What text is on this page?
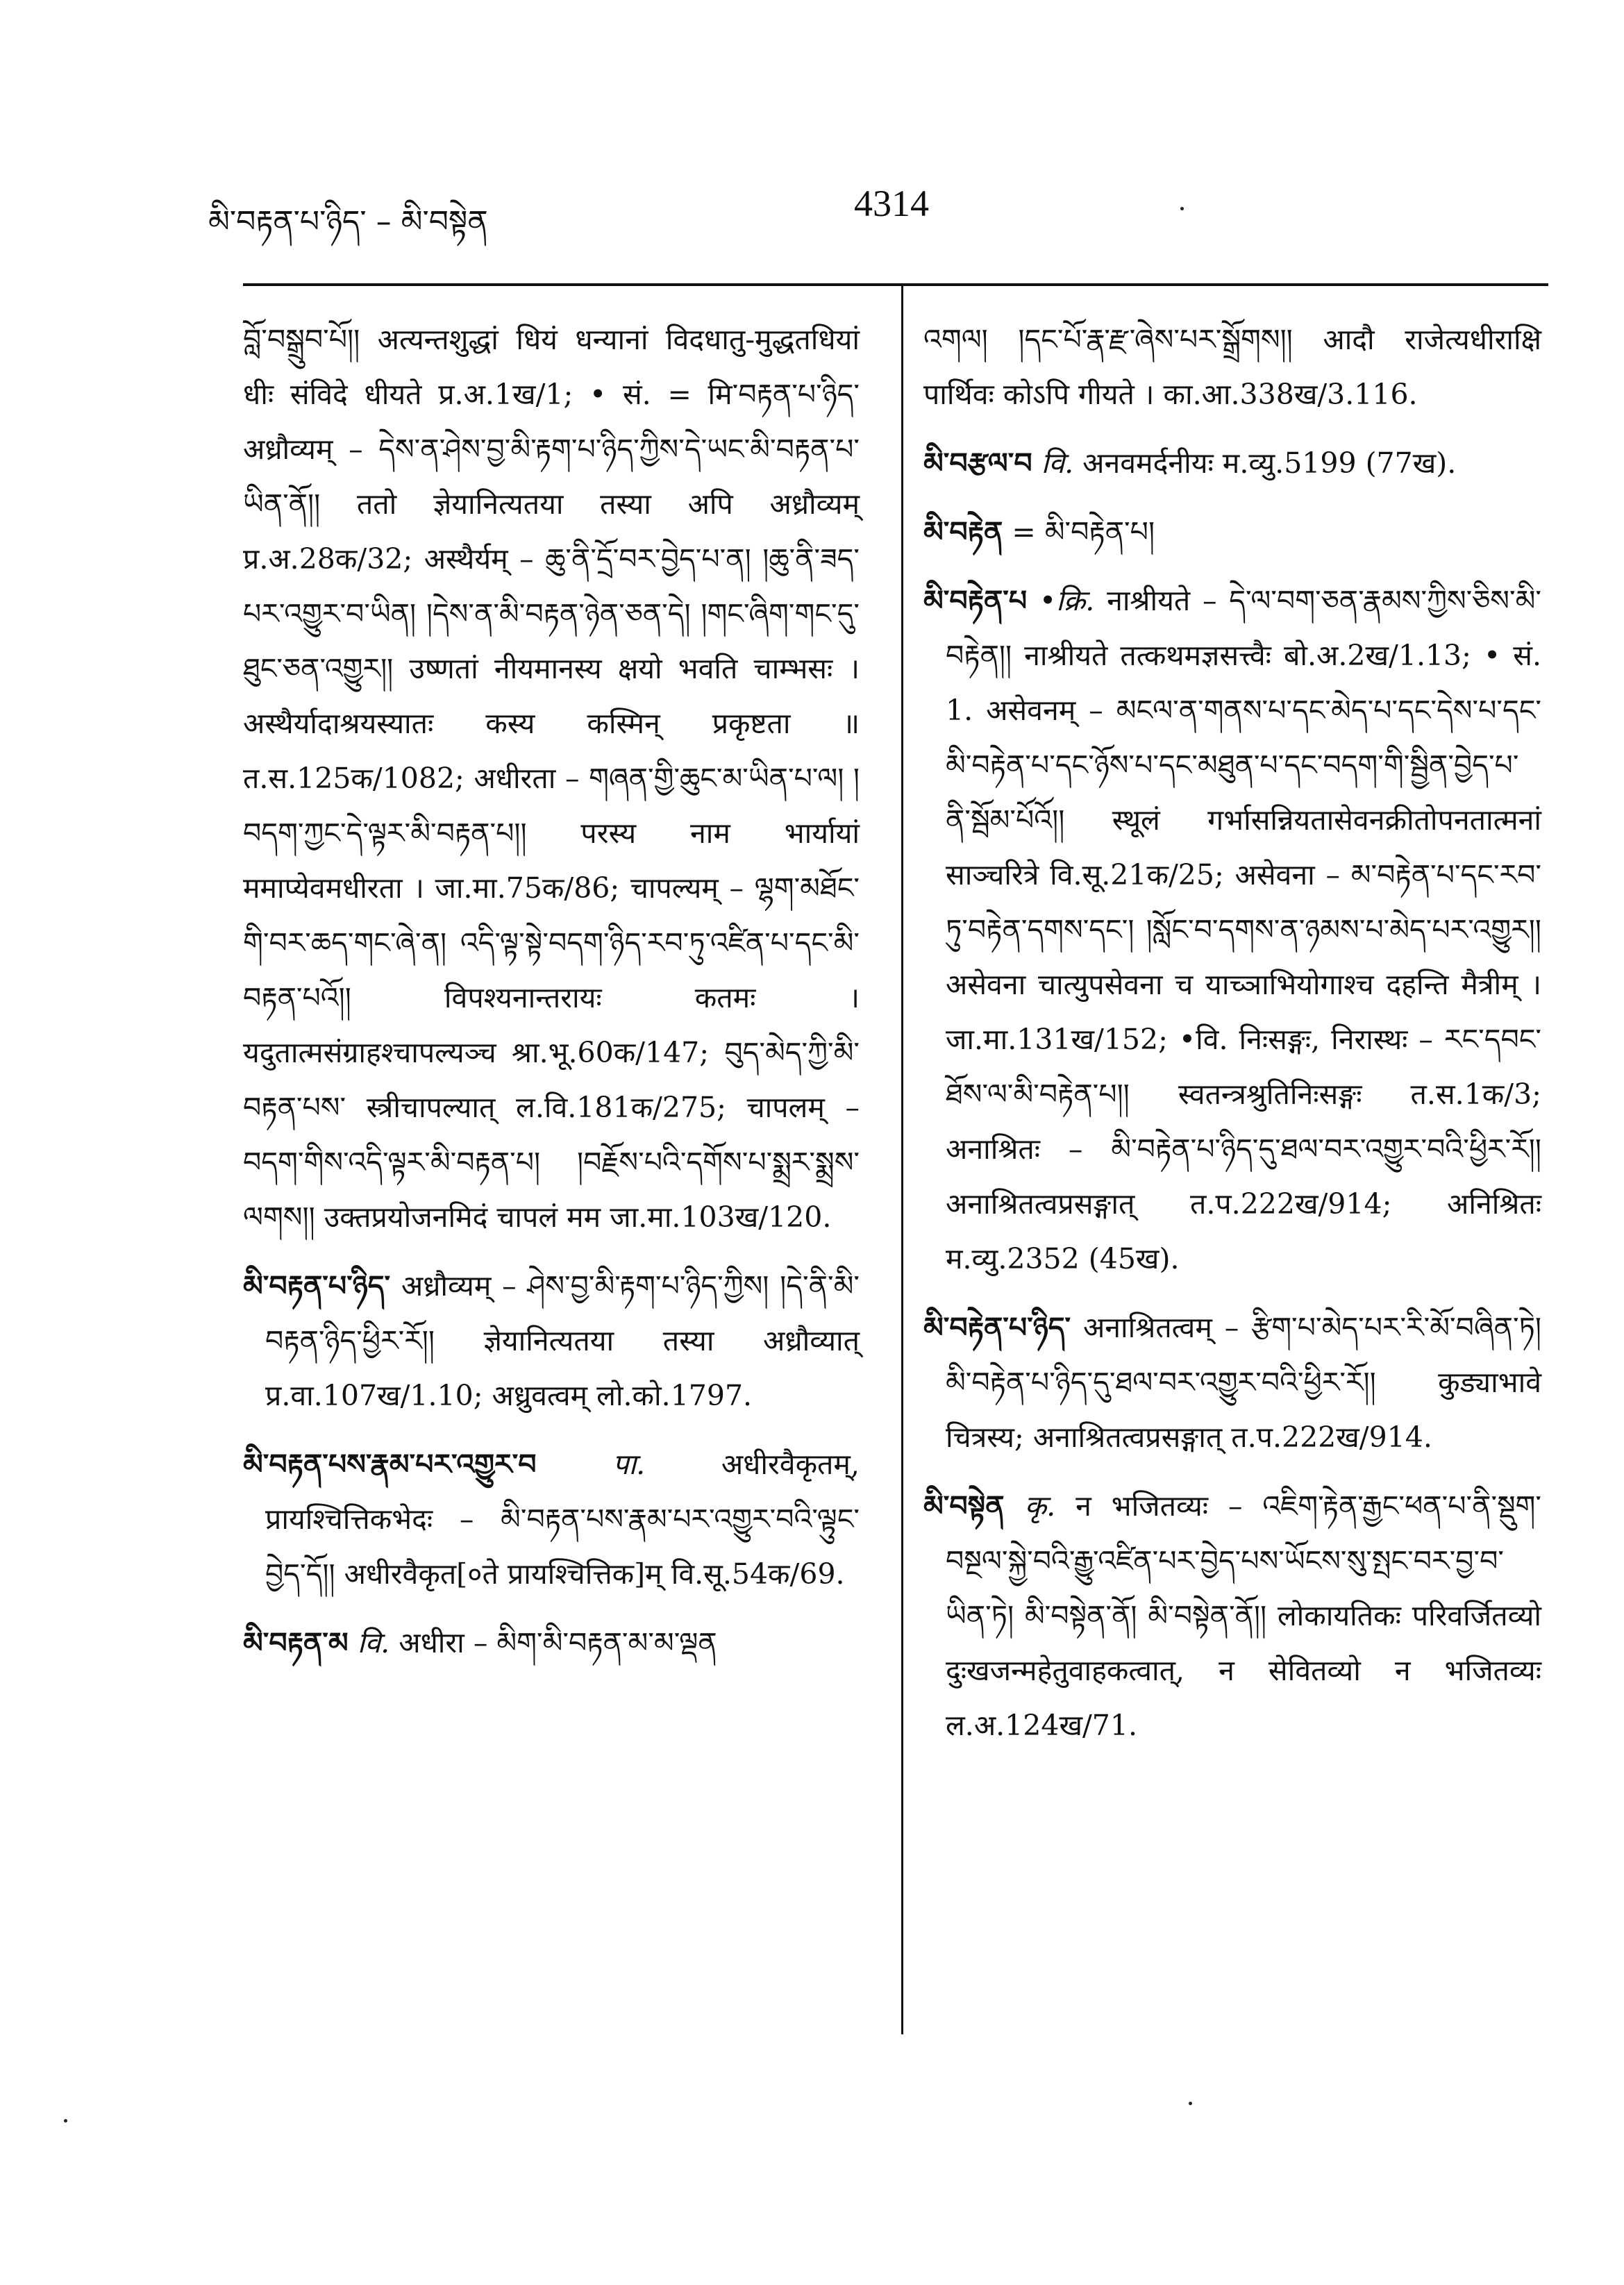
མི་བརྟན་པ་ཉིད་ – མི་བསྟེན	4314

བློ་བསྒྲུབ་པོ།། अत्यन्तशुद्धां धियं धन्यानां विदधातु-मुद्धतधियां धीः संविदे धीयते प्र.अ.1ख/1; • सं. = मि་བརྟན་པ་ཉིད་ अध्रौव्यम् – དེས་ན་ཤེས་བྱ་མི་རྟག་པ་ཉིད་ཀྱིས་དེ་ཡང་མི་བརྟན་པ་ཡིན་ནོ།། ततो ज्ञेयानित्यतया तस्या अपि अध्रौव्यम् प्र.अ.28क/32; अस्थैर्यम् – ཆུ་ནི་དྲོ་བར་བྱེད་པ་ན། །ཆུ་ནི་ཟད་པར་འགྱུར་བ་ཡིན། །དེས་ན་མི་བརྟན་ཉེན་ཅན་དེ། །གང་ཞིག་གང་དུ་ཐུང་ཅན་འགྱུར།། उष्णतां नीयमानस्य क्षयो भवति चाम्भसः । अस्थैर्यादाश्रयस्यातः कस्य कस्मिन् प्रकृष्टता ॥ त.स.125क/1082; अधीरता – གཞན་གྱི་ཆུང་མ་ཡིན་པ་ལ། །བདག་ཀྱང་དེ་ལྟར་མི་བརྟན་པ།། परस्य नाम भार्यायां ममाप्येवमधीरता । जा.मा.75क/86; चापल्यम् – ལྷག་མཐོང་གི་བར་ཆད་གང་ཞེ་ན། འདི་ལྟ་སྟེ་བདག་ཉིད་རབ་ཏུ་འཛིན་པ་དང་མི་བརྟན་པའོ།། विपश्यनान्तरायः कतमः । यदुतात्मसंग्राहश्चापल्यञ्च श्रा.भू.60क/147; བུད་མེད་ཀྱི་མི་བརྟན་པས་ स्त्रीचापल्यात् ल.वि.181क/275; चापलम् – བདག་གིས་འདི་ལྟར་མི་བརྟན་པ། །བརྗོས་པའི་དགོས་པ་སྨྲར་སྨྲས་ལགས།། उक्तप्रयोजनमिदं चापलं मम जा.मा.103ख/120.

མི་བརྟན་པ་ཉིད་ अध्रौव्यम् – ཤེས་བྱ་མི་རྟག་པ་ཉིད་ཀྱིས། །དེ་ནི་མི་བརྟན་ཉིད་ཕྱིར་རོ།། ज्ञेयानित्यतया तस्या अध्रौव्यात् प्र.वा.107ख/1.10; अध्रुवत्वम् लो.को.1797.

མི་བརྟན་པས་རྣམ་པར་འགྱུར་བ	पा.	अधीरवैकृतम्, प्रायश्चित्तिकभेदः – མི་བརྟན་པས་རྣམ་པར་འགྱུར་བའི་ལྟུང་བྱེད་དོ།། अधीरवैकृत[०ते प्रायश्चित्तिक]म् वि.सू.54क/69.

མི་བརྟན་མ वि. अधीरा – མིག་མི་བརྟན་མ་མ་ལྡན

འགལ། །དང་པོ་རྣ་རྫ་ཞེས་པར་སྒྲོགས།། आदौ राजेत्यधीराक्षि पार्थिवः कोऽपि गीयते । का.आ.338ख/3.116.

མི་བརྩལ་བ वि. अनवमर्दनीयः म.व्यु.5199 (77ख).

མི་བརྟེན = མི་བརྟེན་པ།

མི་བརྟེན་པ •क्रि. नाश्रीयते – དེ་ལ་བག་ཅན་རྣམས་ཀྱིས་ཅིས་མི་བརྟེན།། नाश्रीयते तत्कथमज्ञसत्त्वैः बो.अ.2ख/1.13; • सं. 1. असेवनम् – མངལ་ན་གནས་པ་དང་མེད་པ་དང་དེས་པ་དང་མི་བརྟེན་པ་དང་ཉོས་པ་དང་མཐུན་པ་དང་བདག་གི་སྦྱིན་བྱེད་པ་ནི་སྦོམ་པོའོ།། स्थूलं गर्भासन्नियतासेवनक्रीतोपनतात्मनां साञ्चरित्रे वि.सू.21क/25; असेवना – མ་བརྟེན་པ་དང་རབ་ཏུ་བརྟེན་དགས་དང་། །སློང་བ་དགས་ན་ཉམས་པ་མེད་པར་འགྱུར།། असेवना चात्युपसेवना च याच्ञाभियोगाश्च दहन्ति मैत्रीम् । जा.मा.131ख/152; •वि. निःसङ्गः, निरास्थः – རང་དབང་ཐོས་ལ་མི་བརྟེན་པ།། स्वतन्त्रश्रुतिनिःसङ्गः त.स.1क/3; अनाश्रितः – མི་བརྟེན་པ་ཉིད་དུ་ཐལ་བར་འགྱུར་བའི་ཕྱིར་རོ།། अनाश्रितत्वप्रसङ्गात् त.प.222ख/914; अनिश्रितः म.व्यु.2352 (45ख).

མི་བརྟེན་པ་ཉིད་ अनाश्रितत्वम् – རྩིག་པ་མེད་པར་རི་མོ་བཞིན་ཏེ། མི་བརྟེན་པ་ཉིད་དུ་ཐལ་བར་འགྱུར་བའི་ཕྱིར་རོ།། कुड्याभावे चित्रस्य; अनाश्रितत्वप्रसङ्गात् त.प.222ख/914.

མི་བསྟེན कृ. न भजितव्यः – འཇིག་རྟེན་རྒྱང་ཕན་པ་ནི་སྡུག་བསྔལ་སྐྱེ་བའི་རྒྱུ་འཛིན་པར་བྱེད་པས་ཡོངས་སུ་སྤང་བར་བྱ་བ་ཡིན་ཏེ། མི་བསྟེན་ནོ། མི་བསྟེན་ནོ།། लोकायतिकः परिवर्जितव्यो दुःखजन्महेतुवाहकत्वात्, न सेवितव्यो न भजितव्यः ल.अ.124ख/71.
